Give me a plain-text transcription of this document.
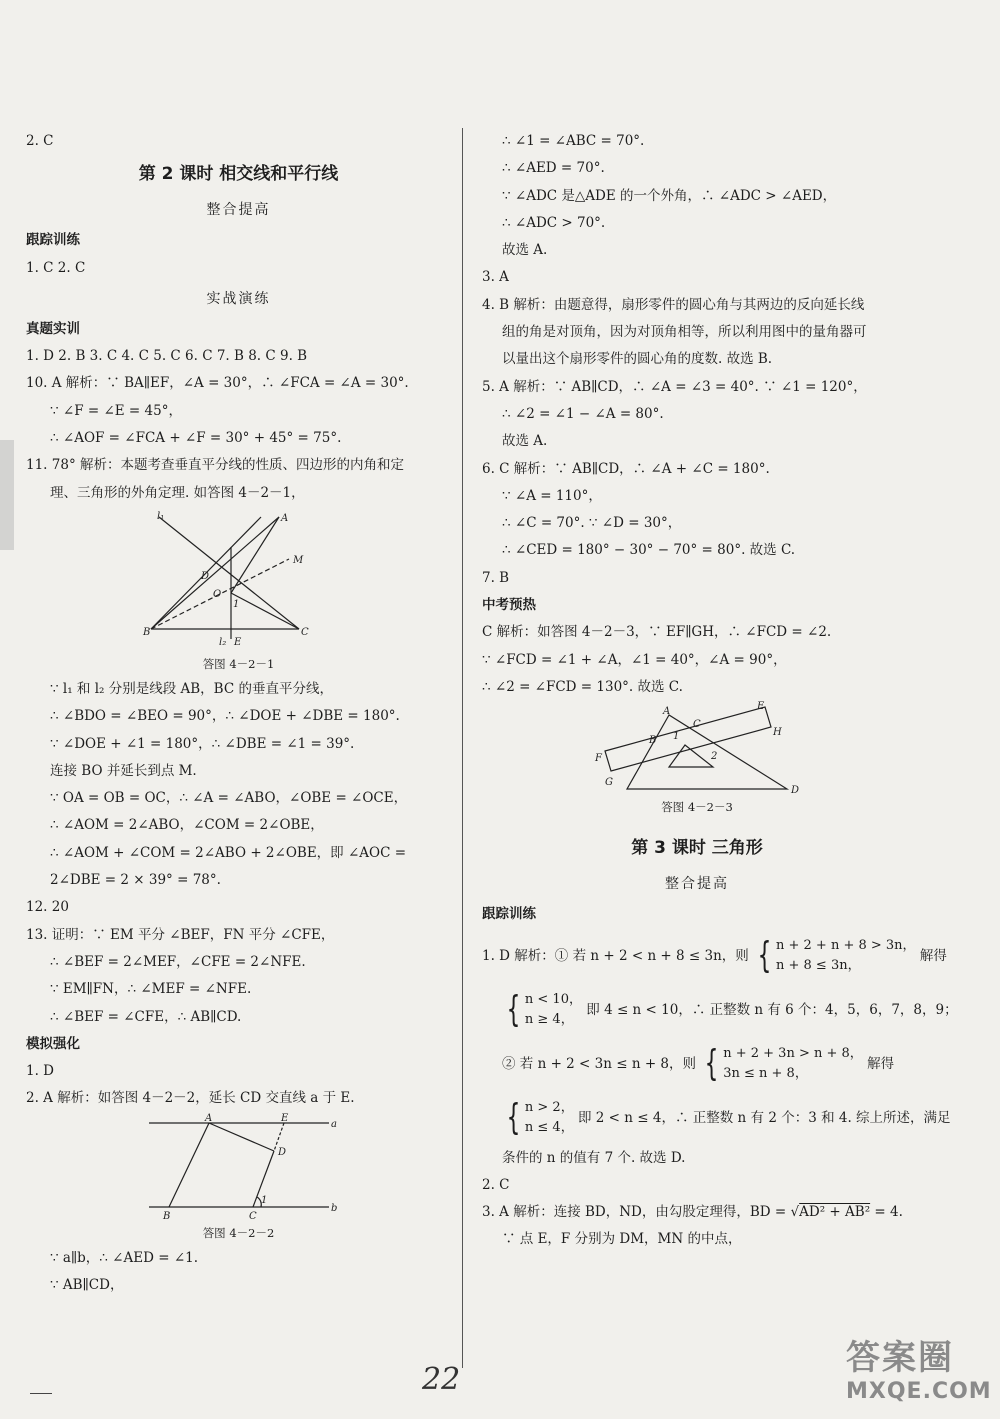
2. C
第 2 课时 相交线和平行线
整合提高
跟踪训练
1. C 2. C
实战演练
真题实训
1. D 2. B 3. C 4. C 5. C 6. C 7. B 8. C 9. B
10. A 解析：∵ BA∥EF，∠A = 30°，∴ ∠FCA = ∠A = 30°.
∵ ∠F = ∠E = 45°，
∴ ∠AOF = ∠FCA + ∠F = 30° + 45° = 75°.
11. 78° 解析：本题考查垂直平分线的性质、四边形的内角和定
理、三角形的外角定理. 如答图 4－2－1，
l₁	A
M
D
O
1
B	C
l₂ E
答图 4－2－1
∵ l₁ 和 l₂ 分别是线段 AB，BC 的垂直平分线，
∴ ∠BDO = ∠BEO = 90°，∴ ∠DOE + ∠DBE = 180°.
∵ ∠DOE + ∠1 = 180°，∴ ∠DBE = ∠1 = 39°.
连接 BO 并延长到点 M.
∵ OA = OB = OC，∴ ∠A = ∠ABO，∠OBE = ∠OCE，
∴ ∠AOM = 2∠ABO，∠COM = 2∠OBE，
∴ ∠AOM + ∠COM = 2∠ABO + 2∠OBE，即 ∠AOC =
2∠DBE = 2 × 39° = 78°.
12. 20
13. 证明：∵ EM 平分 ∠BEF，FN 平分 ∠CFE，
∴ ∠BEF = 2∠MEF，∠CFE = 2∠NFE.
∵ EM∥FN，∴ ∠MEF = ∠NFE.
∴ ∠BEF = ∠CFE，∴ AB∥CD.
模拟强化
1. D
2. A 解析：如答图 4－2－2，延长 CD 交直线 a 于 E.
A	E
a
D
B	C
1
b
答图 4－2－2
∵ a∥b，∴ ∠AED = ∠1.
∵ AB∥CD，
∴ ∠1 = ∠ABC = 70°.
∴ ∠AED = 70°.
∵ ∠ADC 是△ADE 的一个外角，∴ ∠ADC > ∠AED，
∴ ∠ADC > 70°.
故选 A.
3. A
4. B 解析：由题意得，扇形零件的圆心角与其两边的反向延长线
组的角是对顶角，因为对顶角相等，所以利用图中的量角器可
以量出这个扇形零件的圆心角的度数. 故选 B.
5. A 解析：∵ AB∥CD，∴ ∠A = ∠3 = 40°. ∵ ∠1 = 120°，
∴ ∠2 = ∠1 − ∠A = 80°.
故选 A.
6. C 解析：∵ AB∥CD，∴ ∠A + ∠C = 180°.
∵ ∠A = 110°，
∴ ∠C = 70°. ∵ ∠D = 30°，
∴ ∠CED = 180° − 30° − 70° = 80°. 故选 C.
7. B
中考预热
C 解析：如答图 4－2－3，∵ EF∥GH，∴ ∠FCD = ∠2.
∵ ∠FCD = ∠1 + ∠A，∠1 = 40°，∠A = 90°，
∴ ∠2 = ∠FCD = 130°. 故选 C.
A
C
E
H
B
F
1
2
G
D
答图 4－2－3
第 3 课时 三角形
整合提高
跟踪训练
1. D 解析：① 若 n + 2 < n + 8 ≤ 3n，则 { n + 2 + n + 8 > 3n，
n + 8 ≤ 3n，
解得
{ n < 10，
n ≥ 4，
即 4 ≤ n < 10，∴ 正整数 n 有 6 个：4，5，6，7，8，9；
② 若 n + 2 < 3n ≤ n + 8，则 { n + 2 + 3n > n + 8，
3n ≤ n + 8，
解得
{ n > 2，
n ≤ 4，
即 2 < n ≤ 4，∴ 正整数 n 有 2 个：3 和 4. 综上所述，满足
条件的 n 的值有 7 个. 故选 D.
2. C
3. A 解析：连接 BD，ND，由勾股定理得，BD = √AD² + AB² = 4.
∵ 点 E，F 分别为 DM，MN 的中点，
22
答案圈
MXQE.COM
